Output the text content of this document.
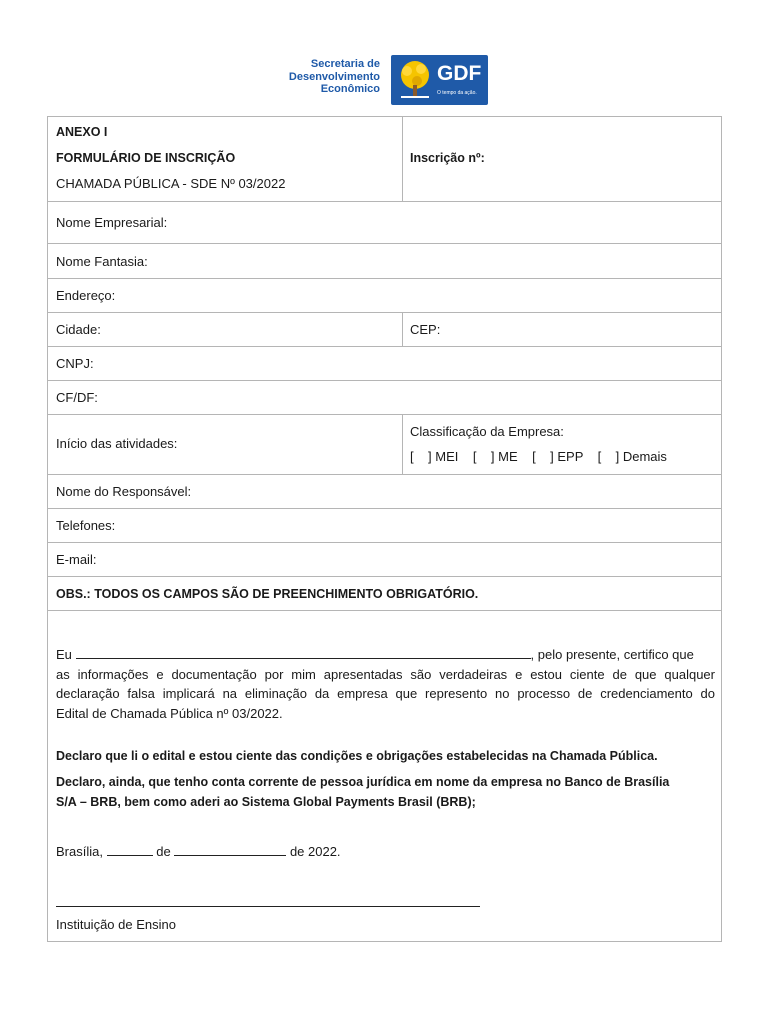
Secretaria de
Desenvolvimento
Econômico
GDF
O tempo da ação.
ANEXO I
FORMULÁRIO DE INSCRIÇÃO
CHAMADA PÚBLICA - SDE Nº 03/2022
Inscrição nº:
Nome Empresarial:
Nome Fantasia:
Endereço:
Cidade:	CEP:
CNPJ:
CF/DF:
Início das atividades:
Classificação da Empresa:
[    ] MEI    [    ] ME    [    ] EPP    [    ] Demais
Nome do Responsável:
Telefones:
E-mail:
OBS.: TODOS OS CAMPOS SÃO DE PREENCHIMENTO OBRIGATÓRIO.
Eu	, pelo presente, certifico que
as informações e documentação por mim apresentadas são verdadeiras e estou ciente de que qualquer
declaração falsa implicará na eliminação da empresa que represento no processo de credenciamento do
Edital de Chamada Pública nº 03/2022.
Declaro que li o edital e estou ciente das condições e obrigações estabelecidas na Chamada Pública.
Declaro, ainda, que tenho conta corrente de pessoa jurídica em nome da empresa no Banco de Brasília
S/A – BRB, bem como aderi ao Sistema Global Payments Brasil (BRB);
Brasília,	de	de 2022.
Instituição de Ensino
